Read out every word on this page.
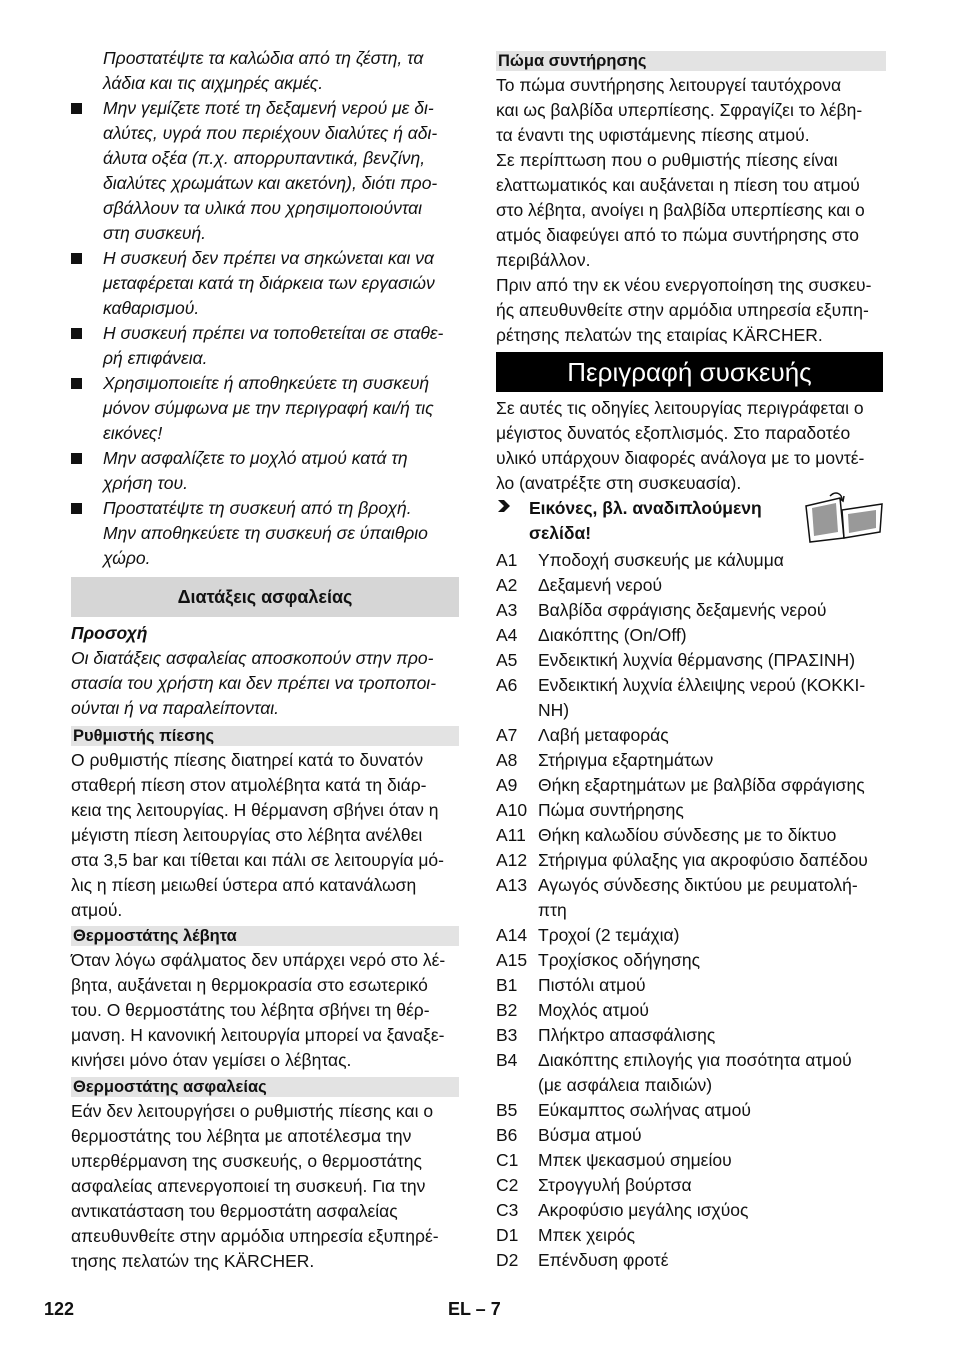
Προστατέψτε τα καλώδια από τη ζέστη, τα
λάδια και τις αιχμηρές ακμές.
Μην γεμίζετε ποτέ τη δεξαμενή νερού με δι-
αλύτες, υγρά που περιέχουν διαλύτες ή αδι-
άλυτα οξέα (π.χ. απορρυπαντικά, βενζίνη,
διαλύτες χρωμάτων και ακετόνη), διότι προ-
σβάλλουν τα υλικά που χρησιμοποιούνται
στη συσκευή.
Η συσκευή δεν πρέπει να σηκώνεται και να
μεταφέρεται κατά τη διάρκεια των εργασιών
καθαρισμού.
Η συσκευή πρέπει να τοποθετείται σε σταθε-
ρή επιφάνεια.
Χρησιμοποιείτε ή αποθηκεύετε τη συσκευή
μόνον σύμφωνα με την περιγραφή και/ή τις
εικόνες!
Μην ασφαλίζετε το μοχλό ατμού κατά τη
χρήση του.
Προστατέψτε τη συσκευή από τη βροχή.
Μην αποθηκεύετε τη συσκευή σε ύπαιθριο
χώρο.
Διατάξεις ασφαλείας
Προσοχή
Οι διατάξεις ασφαλείας αποσκοπούν στην προ-
στασία του χρήστη και δεν πρέπει να τροποποι-
ούνται ή να παραλείπονται.
Ρυθμιστής πίεσης
Ο ρυθμιστής πίεσης διατηρεί κατά το δυνατόν
σταθερή πίεση στον ατμολέβητα κατά τη διάρ-
κεια της λειτουργίας. Η θέρμανση σβήνει όταν η
μέγιστη πίεση λειτουργίας στο λέβητα ανέλθει
στα 3,5 bar και τίθεται και πάλι σε λειτουργία μό-
λις η πίεση μειωθεί ύστερα από κατανάλωση
ατμού.
Θερμοστάτης λέβητα
Όταν λόγω σφάλματος δεν υπάρχει νερό στο λέ-
βητα, αυξάνεται η θερμοκρασία στο εσωτερικό
του. Ο θερμοστάτης του λέβητα σβήνει τη θέρ-
μανση. Η κανονική λειτουργία μπορεί να ξαναξε-
κινήσει μόνο όταν γεμίσει ο λέβητας.
Θερμοστάτης ασφαλείας
Εάν δεν λειτουργήσει ο ρυθμιστής πίεσης και ο
θερμοστάτης του λέβητα με αποτέλεσμα την
υπερθέρμανση της συσκευής, ο θερμοστάτης
ασφαλείας απενεργοποιεί τη συσκευή. Για την
αντικατάσταση του θερμοστάτη ασφαλείας
απευθυνθείτε στην αρμόδια υπηρεσία εξυπηρέ-
τησης πελατών της KÄRCHER.
Πώμα συντήρησης
Το πώμα συντήρησης λειτουργεί ταυτόχρονα
και ως βαλβίδα υπερπίεσης. Σφραγίζει το λέβη-
τα έναντι της υφιστάμενης πίεσης ατμού.
Σε περίπτωση που ο ρυθμιστής πίεσης είναι
ελαττωματικός και αυξάνεται η πίεση του ατμού
στο λέβητα, ανοίγει η βαλβίδα υπερπίεσης και ο
ατμός διαφεύγει από το πώμα συντήρησης στο
περιβάλλον.
Πριν από την εκ νέου ενεργοποίηση της συσκευ-
ής απευθυνθείτε στην αρμόδια υπηρεσία εξυπη-
ρέτησης πελατών της εταιρίας KÄRCHER.
Περιγραφή συσκευής
Σε αυτές τις οδηγίες λειτουργίας περιγράφεται ο
μέγιστος δυνατός εξοπλισμός. Στο παραδοτέο
υλικό υπάρχουν διαφορές ανάλογα με το μοντέ-
λο (ανατρέξτε στη συσκευασία).
Εικόνες, βλ. αναδιπλούμενη
σελίδα!
A1 Υποδοχή συσκευής με κάλυμμα
A2 Δεξαμενή νερού
A3 Βαλβίδα σφράγισης δεξαμενής νερού
A4 Διακόπτης (On/Off)
A5 Ενδεικτική λυχνία θέρμανσης (ΠΡΑΣΙΝΗ)
A6 Ενδεικτική λυχνία έλλειψης νερού (ΚΟΚΚΙ-
ΝΗ)
A7 Λαβή μεταφοράς
A8 Στήριγμα εξαρτημάτων
A9 Θήκη εξαρτημάτων με βαλβίδα σφράγισης
A10 Πώμα συντήρησης
A11 Θήκη καλωδίου σύνδεσης με το δίκτυο
A12 Στήριγμα φύλαξης για ακροφύσιο δαπέδου
A13 Αγωγός σύνδεσης δικτύου με ρευματολή-
πτη
A14 Τροχοί (2 τεμάχια)
A15 Τροχίσκος οδήγησης
B1 Πιστόλι ατμού
B2 Μοχλός ατμού
B3 Πλήκτρο απασφάλισης
B4 Διακόπτης επιλογής για ποσότητα ατμού
(με ασφάλεια παιδιών)
B5 Εύκαμπτος σωλήνας ατμού
B6 Βύσμα ατμού
C1 Μπεκ ψεκασμού σημείου
C2 Στρογγυλή βούρτσα
C3 Ακροφύσιο μεγάλης ισχύος
D1 Μπεκ χειρός
D2 Επένδυση φροτέ
122	EL – 7
